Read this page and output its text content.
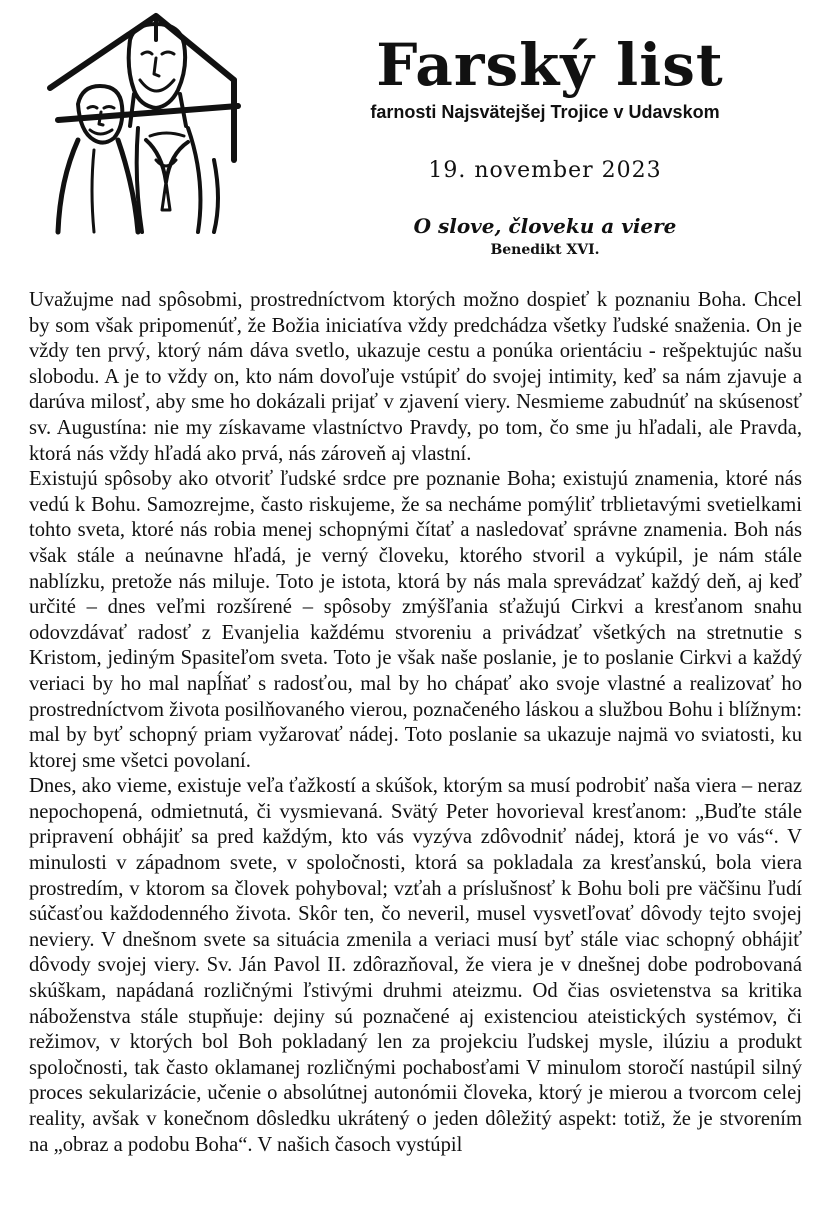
Farský list
farnosti Najsvätejšej Trojice v Udavskom
19. november 2023
O slove, človeku a viere
Benedikt XVI.

Uvažujme nad spôsobmi, prostredníctvom ktorých možno dospieť k poznaniu Boha. Chcel by som však pripomenúť, že Božia iniciatíva vždy predchádza všetky ľudské snaženia. On je vždy ten prvý, ktorý nám dáva svetlo, ukazuje cestu a ponúka orientáciu - rešpektujúc našu slobodu. A je to vždy on, kto nám dovoľuje vstúpiť do svojej intimity, keď sa nám zjavuje a darúva milosť, aby sme ho dokázali prijať v zjavení viery. Nesmieme zabudnúť na skúsenosť sv. Augustína: nie my získavame vlastníctvo Pravdy, po tom, čo sme ju hľadali, ale Pravda, ktorá nás vždy hľadá ako prvá, nás zároveň aj vlastní.

Existujú spôsoby ako otvoriť ľudské srdce pre poznanie Boha; existujú znamenia, ktoré nás vedú k Bohu. Samozrejme, často riskujeme, že sa necháme pomýliť trblietavými svetielkami tohto sveta, ktoré nás robia menej schopnými čítať a nasledovať správne znamenia. Boh nás však stále a neúnavne hľadá, je verný človeku, ktorého stvoril a vykúpil, je nám stále nablízku, pretože nás miluje. Toto je istota, ktorá by nás mala sprevádzať každý deň, aj keď určité – dnes veľmi rozšírené – spôsoby zmýšľania sťažujú Cirkvi a kresťanom snahu odovzdávať radosť z Evanjelia každému stvoreniu a privádzať všetkých na stretnutie s Kristom, jediným Spasiteľom sveta. Toto je však naše poslanie, je to poslanie Cirkvi a každý veriaci by ho mal napĺňať s radosťou, mal by ho chápať ako svoje vlastné a realizovať ho prostredníctvom života posilňovaného vierou, poznačeného láskou a službou Bohu i blížnym: mal by byť schopný priam vyžarovať nádej. Toto poslanie sa ukazuje najmä vo sviatosti, ku ktorej sme všetci povolaní.

Dnes, ako vieme, existuje veľa ťažkostí a skúšok, ktorým sa musí podrobiť naša viera – neraz nepochopená, odmietnutá, či vysmievaná. Svätý Peter hovorieval kresťanom: „Buďte stále pripravení obhájiť sa pred každým, kto vás vyzýva zdôvodniť nádej, ktorá je vo vás“. V minulosti v západnom svete, v spoločnosti, ktorá sa pokladala za kresťanskú, bola viera prostredím, v ktorom sa človek pohyboval; vzťah a príslušnosť k Bohu boli pre väčšinu ľudí súčasťou každodenného života. Skôr ten, čo neveril, musel vysvetľovať dôvody tejto svojej neviery. V dnešnom svete sa situácia zmenila a veriaci musí byť stále viac schopný obhájiť dôvody svojej viery. Sv. Ján Pavol II. zdôrazňoval, že viera je v dnešnej dobe podrobovaná skúškam, napádaná rozličnými ľstivými druhmi ateizmu. Od čias osvietenstva sa kritika náboženstva stále stupňuje: dejiny sú poznačené aj existenciou ateistických systémov, či režimov, v ktorých bol Boh pokladaný len za projekciu ľudskej mysle, ilúziu a produkt spoločnosti, tak často oklamanej rozličnými pochabosťami V minulom storočí nastúpil silný proces sekularizácie, učenie o absolútnej autonómii človeka, ktorý je mierou a tvorcom celej reality, avšak v konečnom dôsledku ukrátený o jeden dôležitý aspekt: totiž, že je stvorením na „obraz a podobu Boha“. V našich časoch vystúpil
